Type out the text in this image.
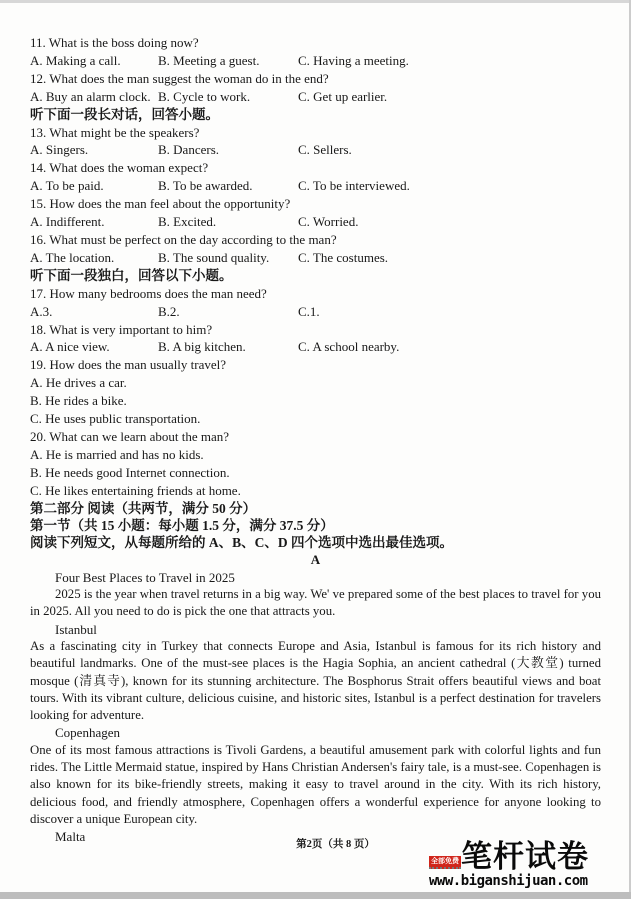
11. What is the boss doing now?
A. Making a call.	B. Meeting a guest.	C. Having a meeting.
12. What does the man suggest the woman do in the end?
A. Buy an alarm clock. B. Cycle to work.	C. Get up earlier.
听下面一段长对话，回答小题。
13. What might be the speakers?
A. Singers.	B. Dancers.	C. Sellers.
14. What does the woman expect?
A. To be paid.	B. To be awarded.	C. To be interviewed.
15. How does the man feel about the opportunity?
A. Indifferent.	B. Excited.	C. Worried.
16. What must be perfect on the day according to the man?
A. The location.	B. The sound quality.	C. The costumes.
听下面一段独白，回答以下小题。
17. How many bedrooms does the man need?
A.3.	B.2.	C.1.
18. What is very important to him?
A. A nice view.	B. A big kitchen.	C. A school nearby.
19. How does the man usually travel?
A. He drives a car.
B. He rides a bike.
C. He uses public transportation.
20. What can we learn about the man?
A. He is married and has no kids.
B. He needs good Internet connection.
C. He likes entertaining friends at home.
第二部分 阅读（共两节，满分 50 分）
第一节（共 15 小题：每小题 1.5 分，满分 37.5 分）
阅读下列短文，从每题所给的 A、B、C、D 四个选项中选出最佳选项。
A
Four Best Places to Travel in 2025

2025 is the year when travel returns in a big way. We' ve prepared some of the best places to travel for you in 2025. All you need to do is pick the one that attracts you.

Istanbul

As a fascinating city in Turkey that connects Europe and Asia, Istanbul is famous for its rich history and beautiful landmarks. One of the must-see places is the Hagia Sophia, an ancient cathedral (大教堂) turned mosque (清真寺), known for its stunning architecture. The Bosphorus Strait offers beautiful views and boat tours. With its vibrant culture, delicious cuisine, and historic sites, Istanbul is a perfect destination for travelers looking for adventure.

Copenhagen

One of its most famous attractions is Tivoli Gardens, a beautiful amusement park with colorful lights and fun rides. The Little Mermaid statue, inspired by Hans Christian Andersen's fairy tale, is a must-see. Copenhagen is also known for its bike-friendly streets, making it easy to travel around in the city. With its rich history, delicious food, and friendly atmosphere, Copenhagen offers a wonderful experience for anyone looking to discover a unique European city.

Malta
第2页（共 8 页）
全部免费 笔杆试卷
www.biganshijuan.com
